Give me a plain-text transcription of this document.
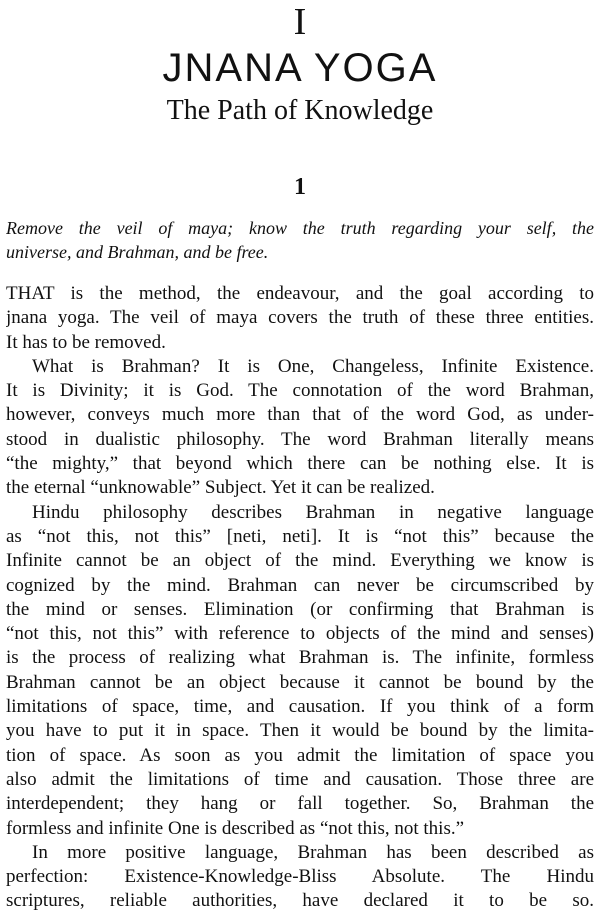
I
JNANA YOGA
The Path of Knowledge
1
Remove the veil of maya; know the truth regarding your self, the
universe, and Brahman, and be free.
THAT is the method, the endeavour, and the goal according to
jnana yoga. The veil of maya covers the truth of these three entities.
It has to be removed.
What is Brahman? It is One, Changeless, Infinite Existence.
It is Divinity; it is God. The connotation of the word Brahman,
however, conveys much more than that of the word God, as under-
stood in dualistic philosophy. The word Brahman literally means
“the mighty,” that beyond which there can be nothing else. It is
the eternal “unknowable” Subject. Yet it can be realized.
Hindu philosophy describes Brahman in negative language
as “not this, not this” [neti, neti]. It is “not this” because the
Infinite cannot be an object of the mind. Everything we know is
cognized by the mind. Brahman can never be circumscribed by
the mind or senses. Elimination (or confirming that Brahman is
“not this, not this” with reference to objects of the mind and senses)
is the process of realizing what Brahman is. The infinite, formless
Brahman cannot be an object because it cannot be bound by the
limitations of space, time, and causation. If you think of a form
you have to put it in space. Then it would be bound by the limita-
tion of space. As soon as you admit the limitation of space you
also admit the limitations of time and causation. Those three are
interdependent; they hang or fall together. So, Brahman the
formless and infinite One is described as “not this, not this.”
In more positive language, Brahman has been described as
perfection: Existence-Knowledge-Bliss Absolute. The Hindu
scriptures, reliable authorities, have declared it to be so.
